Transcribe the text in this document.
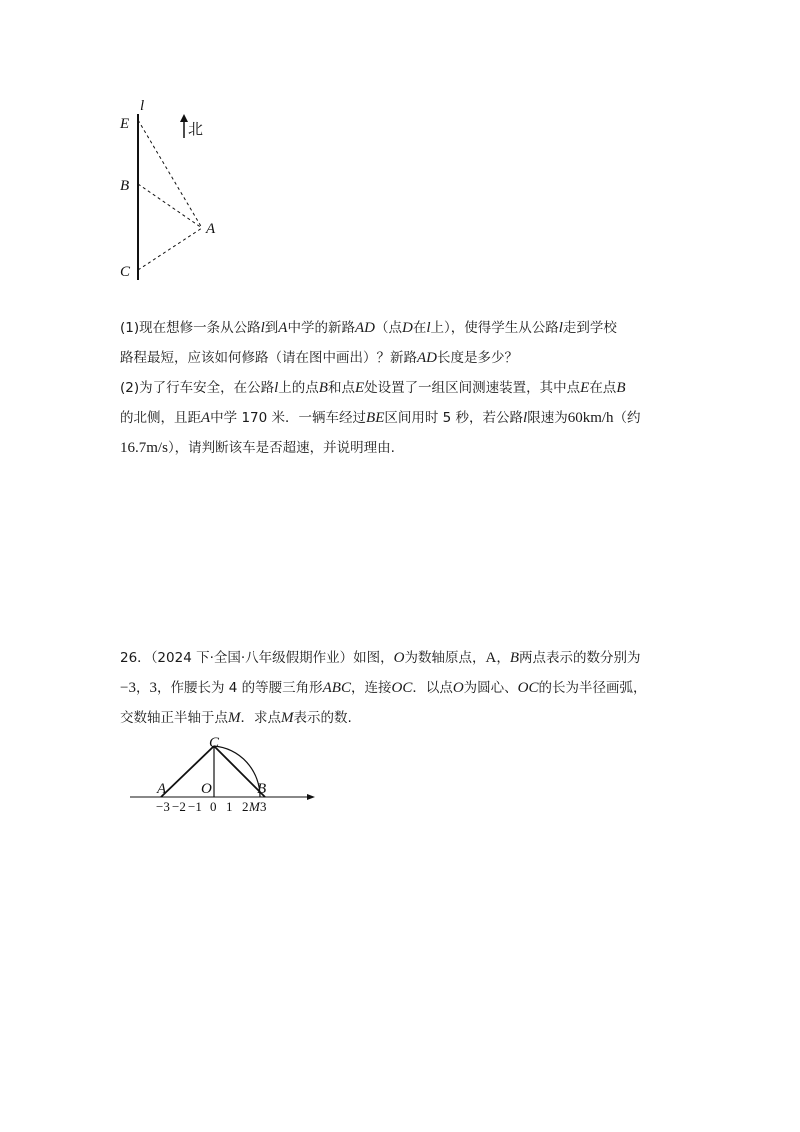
l
E
B
C
A
北
(1)现在想修一条从公路l到A中学的新路AD（点D在l上），使得学生从公路l走到学校
路程最短，应该如何修路（请在图中画出）？新路AD长度是多少？
(2)为了行车安全，在公路l上的点B和点E处设置了一组区间测速装置，其中点E在点B
的北侧，且距A中学 170 米．一辆车经过BE区间用时 5 秒，若公路l限速为60km/h（约
16.7m/s），请判断该车是否超速，并说明理由.
26．（2024 下·全国·八年级假期作业）如图，O为数轴原点，A，B两点表示的数分别为
−3，3，作腰长为 4 的等腰三角形ABC，连接OC．以点O为圆心、OC的长为半径画弧，
交数轴正半轴于点M．求点M表示的数.
C
A O	B
−3 −2 −1 0 1 2 M 3
